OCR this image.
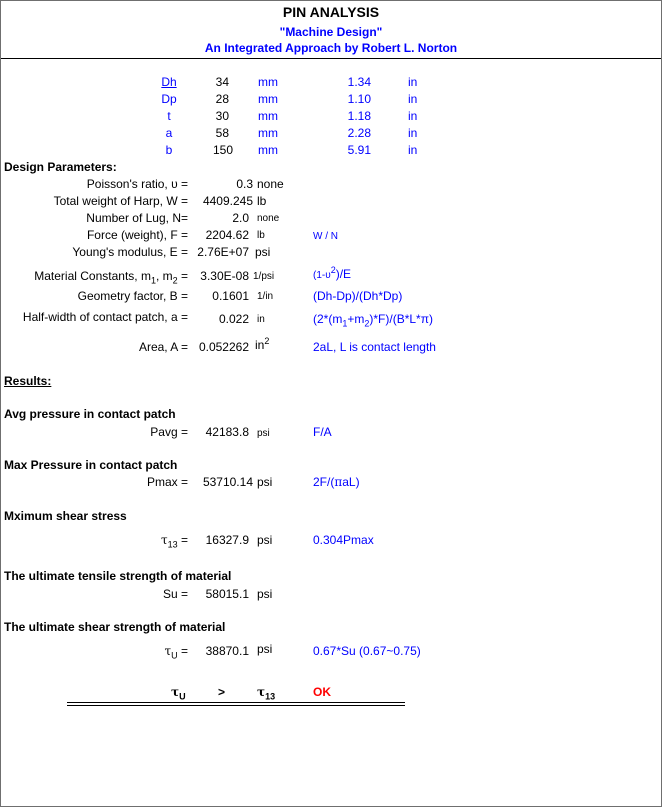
PIN ANALYSIS
"Machine Design"
An Integrated Approach by Robert L. Norton
Dh	34 mm	1.34	in
Dp	28 mm	1.10	in
t	30 mm	1.18	in
a	58 mm	2.28	in
b	150 mm	5.91	in
Design Parameters:
Poisson's ratio, υ =	0.3 none
Total weight of Harp, W =	4409.245 lb
Number of Lug, N=	2.0 none
Force (weight), F =	2204.62 lb	W / N
Young's modulus, E = 2.76E+07 psi
Material Constants, $m_1$, $m_2$ =	3.30E-08 1/psi	$(1-\upsilon^2)/E$
Geometry factor, B =	0.1601 1/in	(Dh-Dp)/(Dh*Dp)
Half-width of contact patch, a =	0.022 in	$(2*(m_1+m_2)*F)/(B*L*\pi)$
Area, A = 0.052262 $in^2$	2aL, L is contact length
Results:
Avg pressure in contact patch
Pavg =	42183.8 psi	F/A
Max Pressure in contact patch
Pmax =	53710.14 psi	2F/(πaL)
Mximum shear stress
$\tau_{13}$ =	16327.9 psi	0.304Pmax
The ultimate tensile strength of material
Su =	58015.1 psi
The ultimate shear strength of material
$\tau_U$ =	38870.1 psi	0.67*Su (0.67~0.75)
$\tau_U$	>	$\tau_{13}$	OK
